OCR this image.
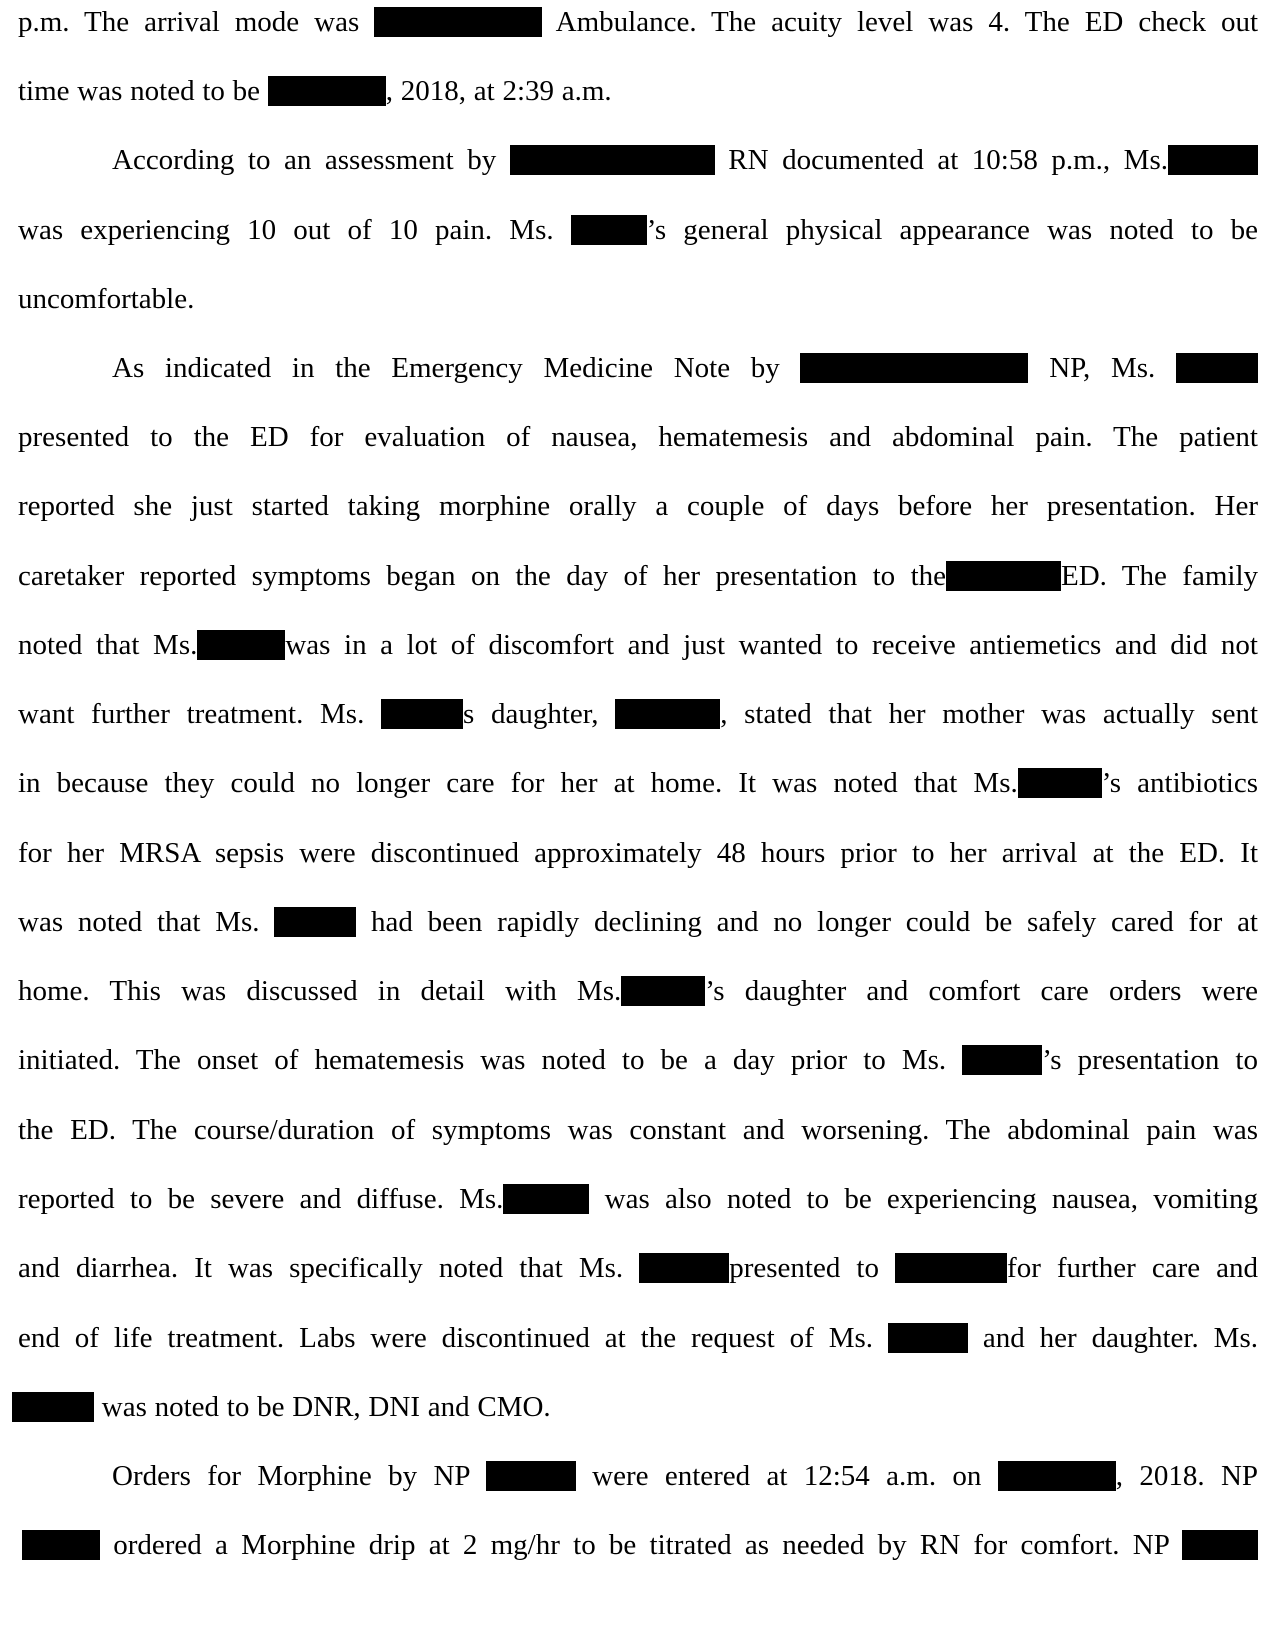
p.m. The arrival mode was	Ambulance. The acuity level was 4. The ED check out
time was noted to be	, 2018, at 2:39 a.m.
According to an assessment by	RN documented at 10:58 p.m., Ms.
was experiencing 10 out of 10 pain. Ms.	’s general physical appearance was noted to be
uncomfortable.
As indicated in the Emergency Medicine Note by	NP, Ms.
presented to the ED for evaluation of nausea, hematemesis and abdominal pain. The patient
reported she just started taking morphine orally a couple of days before her presentation. Her
caretaker reported symptoms began on the day of her presentation to the	ED. The family
noted that Ms.	was in a lot of discomfort and just wanted to receive antiemetics and did not
want further treatment. Ms.	s daughter,	, stated that her mother was actually sent
in because they could no longer care for her at home. It was noted that Ms.	’s antibiotics
for her MRSA sepsis were discontinued approximately 48 hours prior to her arrival at the ED. It
was noted that Ms.	had been rapidly declining and no longer could be safely cared for at
home. This was discussed in detail with Ms.	’s daughter and comfort care orders were
initiated. The onset of hematemesis was noted to be a day prior to Ms.	’s presentation to
the ED. The course/duration of symptoms was constant and worsening. The abdominal pain was
reported to be severe and diffuse. Ms.	was also noted to be experiencing nausea, vomiting
and diarrhea. It was specifically noted that Ms.	presented to	for further care and
end of life treatment. Labs were discontinued at the request of Ms.	and her daughter. Ms.
was noted to be DNR, DNI and CMO.
Orders for Morphine by NP	were entered at 12:54 a.m. on	, 2018. NP
ordered a Morphine drip at 2 mg/hr to be titrated as needed by RN for comfort. NP
